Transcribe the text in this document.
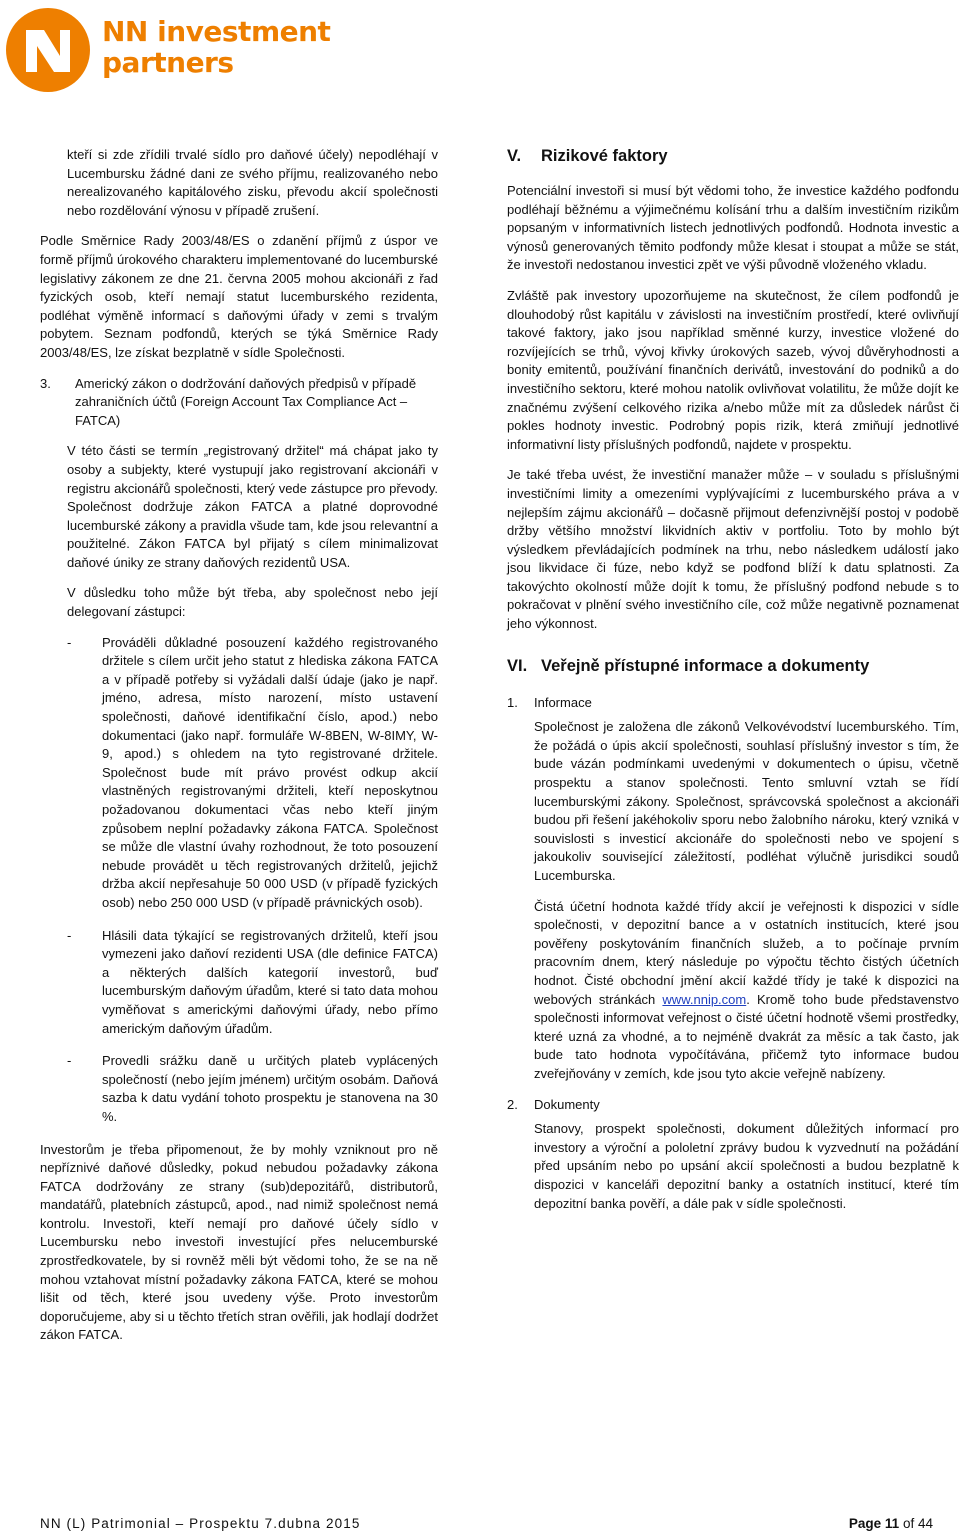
NN investment
partners

kteří si zde zřídili trvalé sídlo pro daňové účely) nepodléhají v Lucembursku žádné dani ze svého příjmu, realizovaného nebo nerealizovaného kapitálového zisku, převodu akcií společnosti nebo rozdělování výnosu v případě zrušení.

Podle Směrnice Rady 2003/48/ES o zdanění příjmů z úspor ve formě příjmů úrokového charakteru implementované do lucemburské legislativy zákonem ze dne 21. června 2005 mohou akcionáři z řad fyzických osob, kteří nemají statut lucemburského rezidenta, podléhat výměně informací s daňovými úřady v zemi s trvalým pobytem. Seznam podfondů, kterých se týká Směrnice Rady 2003/48/ES, lze získat bezplatně v sídle Společnosti.

3.	Americký zákon o dodržování daňových předpisů v případě zahraničních účtů (Foreign Account Tax Compliance Act – FATCA)

V této části se termín „registrovaný držitel“ má chápat jako ty osoby a subjekty, které vystupují jako registrovaní akcionáři v registru akcionářů společnosti, který vede zástupce pro převody. Společnost dodržuje zákon FATCA a platné doprovodné lucemburské zákony a pravidla všude tam, kde jsou relevantní a použitelné. Zákon FATCA byl přijatý s cílem minimalizovat daňové úniky ze strany daňových rezidentů USA.

V důsledku toho může být třeba, aby společnost nebo její delegovaní zástupci:

-	Prováděli důkladné posouzení každého registrovaného držitele s cílem určit jeho statut z hlediska zákona FATCA a v případě potřeby si vyžádali další údaje (jako je např. jméno, adresa, místo narození, místo ustavení společnosti, daňové identifikační číslo, apod.) nebo dokumentaci (jako např. formuláře W-8BEN, W-8IMY, W-9, apod.) s ohledem na tyto registrované držitele. Společnost bude mít právo provést odkup akcií vlastněných registrovanými držiteli, kteří neposkytnou požadovanou dokumentaci včas nebo kteří jiným způsobem neplní požadavky zákona FATCA. Společnost se může dle vlastní úvahy rozhodnout, že toto posouzení nebude provádět u těch registrovaných držitelů, jejichž držba akcií nepřesahuje 50 000 USD (v případě fyzických osob) nebo 250 000 USD (v případě právnických osob).
-	Hlásili data týkající se registrovaných držitelů, kteří jsou vymezeni jako daňoví rezidenti USA (dle definice FATCA) a některých dalších kategorií investorů, buď lucemburským daňovým úřadům, které si tato data mohou vyměňovat s americkými daňovými úřady, nebo přímo americkým daňovým úřadům.
-	Provedli srážku daně u určitých plateb vyplácených společností (nebo jejím jménem) určitým osobám. Daňová sazba k datu vydání tohoto prospektu je stanovena na 30 %.

Investorům je třeba připomenout, že by mohly vzniknout pro ně nepříznivé daňové důsledky, pokud nebudou požadavky zákona FATCA dodržovány ze strany (sub)depozitářů, distributorů, mandatářů, platebních zástupců, apod., nad nimiž společnost nemá kontrolu. Investoři, kteří nemají pro daňové účely sídlo v Lucembursku nebo investoři investující přes nelucemburské zprostředkovatele, by si rovněž měli být vědomi toho, že se na ně mohou vztahovat místní požadavky zákona FATCA, které se mohou lišit od těch, které jsou uvedeny výše. Proto investorům doporučujeme, aby si u těchto třetích stran ověřili, jak hodlají dodržet zákon FATCA.

V. Rizikové faktory

Potenciální investoři si musí být vědomi toho, že investice každého podfondu podléhají běžnému a výjimečnému kolísání trhu a dalším investičním rizikům popsaným v informativních listech jednotlivých podfondů. Hodnota investic a výnosů generovaných těmito podfondy může klesat i stoupat a může se stát, že investoři nedostanou investici zpět ve výši původně vloženého vkladu.

Zvláště pak investory upozorňujeme na skutečnost, že cílem podfondů je dlouhodobý růst kapitálu v závislosti na investičním prostředí, které ovlivňují takové faktory, jako jsou například směnné kurzy, investice vložené do rozvíjejících se trhů, vývoj křivky úrokových sazeb, vývoj důvěryhodnosti a bonity emitentů, používání finančních derivátů, investování do podniků a do investičního sektoru, které mohou natolik ovlivňovat volatilitu, že může dojít ke značnému zvýšení celkového rizika a/nebo může mít za důsledek nárůst či pokles hodnoty investic. Podrobný popis rizik, která zmiňují jednotlivé informativní listy příslušných podfondů, najdete v prospektu.

Je také třeba uvést, že investiční manažer může – v souladu s příslušnými investičními limity a omezeními vyplývajícími z lucemburského práva a v nejlepším zájmu akcionářů – dočasně přijmout defenzivnější postoj v podobě držby většího množství likvidních aktiv v portfoliu. Toto by mohlo být výsledkem převládajících podmínek na trhu, nebo následkem událostí jako jsou likvidace či fúze, nebo když se podfond blíží k datu splatnosti. Za takovýchto okolností může dojít k tomu, že příslušný podfond nebude s to pokračovat v plnění svého investičního cíle, což může negativně poznamenat jeho výkonnost.

VI. Veřejně přístupné informace a dokumenty
1.	Informace

Společnost je založena dle zákonů Velkovévodství lucemburského. Tím, že požádá o úpis akcií společnosti, souhlasí příslušný investor s tím, že bude vázán podmínkami uvedenými v dokumentech o úpisu, včetně prospektu a stanov společnosti. Tento smluvní vztah se řídí lucemburskými zákony. Společnost, správcovská společnost a akcionáři budou při řešení jakéhokoliv sporu nebo žalobního nároku, který vzniká v souvislosti s investicí akcionáře do společnosti nebo ve spojení s jakoukoliv související záležitostí, podléhat výlučně jurisdikci soudů Lucemburska.

Čistá účetní hodnota každé třídy akcií je veřejnosti k dispozici v sídle společnosti, v depozitní bance a v ostatních institucích, které jsou pověřeny poskytováním finančních služeb, a to počínaje prvním pracovním dnem, který následuje po výpočtu těchto čistých účetních hodnot. Čisté obchodní jmění akcií každé třídy je také k dispozici na webových stránkách www.nnip.com. Kromě toho bude představenstvo společnosti informovat veřejnost o čisté účetní hodnotě všemi prostředky, které uzná za vhodné, a to nejméně dvakrát za měsíc a tak často, jak bude tato hodnota vypočítávána, přičemž tyto informace budou zveřejňovány v zemích, kde jsou tyto akcie veřejně nabízeny.

2.	Dokumenty

Stanovy, prospekt společnosti, dokument důležitých informací pro investory a výroční a pololetní zprávy budou k vyzvednutí na požádání před upsáním nebo po upsání akcií společnosti a budou bezplatně k dispozici v kanceláři depozitní banky a ostatních institucí, které tím depozitní banka pověří, a dále pak v sídle společnosti.

NN (L) Patrimonial – Prospektu 7.dubna 2015	Page 11 of 44
